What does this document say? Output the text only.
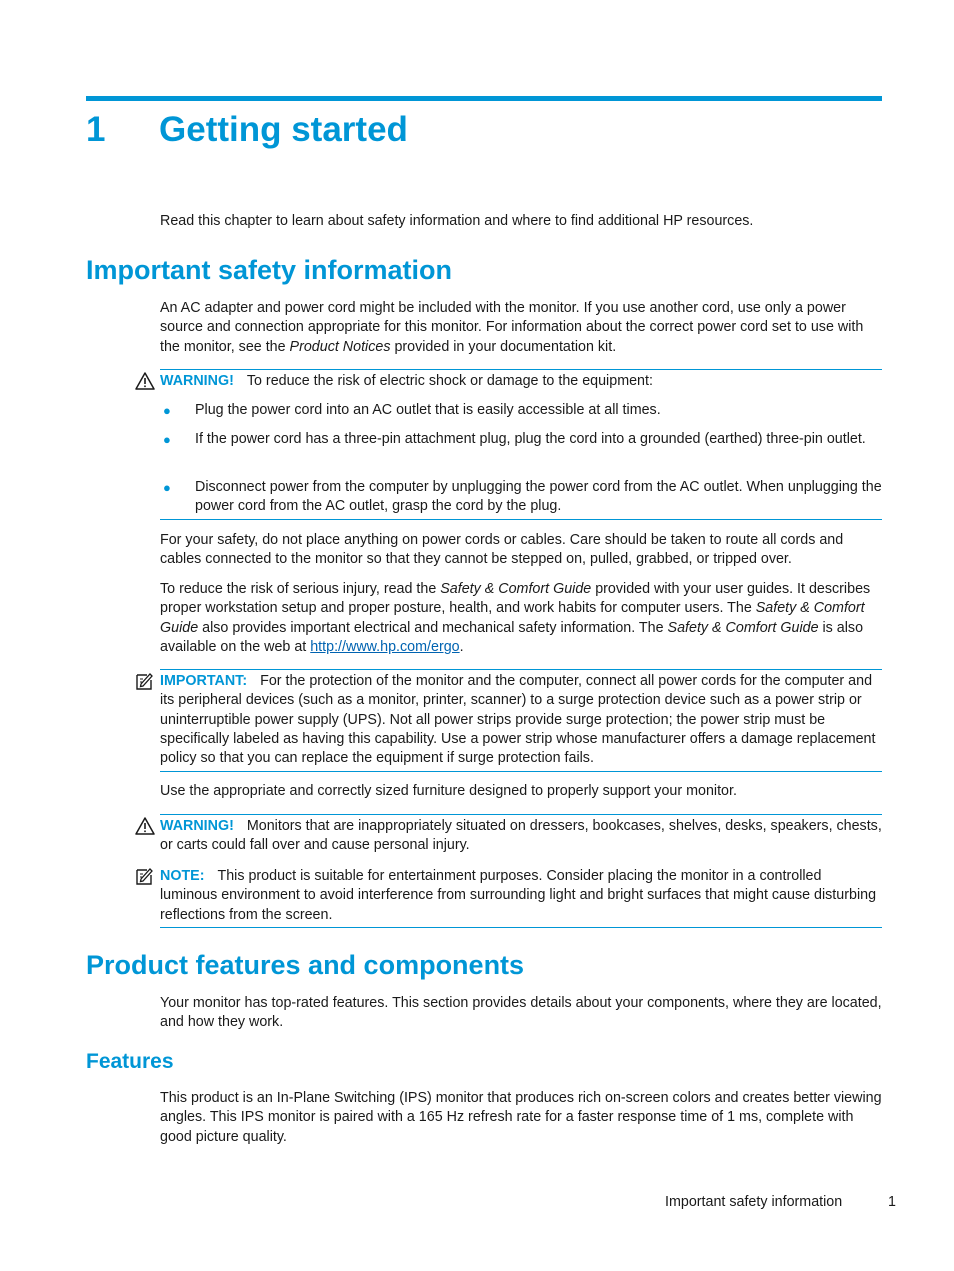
1 Getting started
Read this chapter to learn about safety information and where to find additional HP resources.
Important safety information

An AC adapter and power cord might be included with the monitor. If you use another cord, use only a power source and connection appropriate for this monitor. For information about the correct power cord set to use with the monitor, see the Product Notices provided in your documentation kit.

WARNING! To reduce the risk of electric shock or damage to the equipment:

● Plug the power cord into an AC outlet that is easily accessible at all times.
● If the power cord has a three-pin attachment plug, plug the cord into a grounded (earthed) three-pin outlet.
● Disconnect power from the computer by unplugging the power cord from the AC outlet. When unplugging the power cord from the AC outlet, grasp the cord by the plug.
For your safety, do not place anything on power cords or cables. Care should be taken to route all cords and cables connected to the monitor so that they cannot be stepped on, pulled, grabbed, or tripped over.

To reduce the risk of serious injury, read the Safety & Comfort Guide provided with your user guides. It describes proper workstation setup and proper posture, health, and work habits for computer users. The Safety & Comfort Guide also provides important electrical and mechanical safety information. The Safety & Comfort Guide is also available on the web at http://www.hp.com/ergo.

IMPORTANT: For the protection of the monitor and the computer, connect all power cords for the computer and its peripheral devices (such as a monitor, printer, scanner) to a surge protection device such as a power strip or uninterruptible power supply (UPS). Not all power strips provide surge protection; the power strip must be specifically labeled as having this capability. Use a power strip whose manufacturer offers a damage replacement policy so that you can replace the equipment if surge protection fails.

Use the appropriate and correctly sized furniture designed to properly support your monitor.

WARNING! Monitors that are inappropriately situated on dressers, bookcases, shelves, desks, speakers, chests, or carts could fall over and cause personal injury.

NOTE: This product is suitable for entertainment purposes. Consider placing the monitor in a controlled luminous environment to avoid interference from surrounding light and bright surfaces that might cause disturbing reflections from the screen.

Product features and components
Your monitor has top-rated features. This section provides details about your components, where they are located, and how they work.
Features
This product is an In-Plane Switching (IPS) monitor that produces rich on-screen colors and creates better viewing angles. This IPS monitor is paired with a 165 Hz refresh rate for a faster response time of 1 ms, complete with good picture quality.
Important safety information	1
